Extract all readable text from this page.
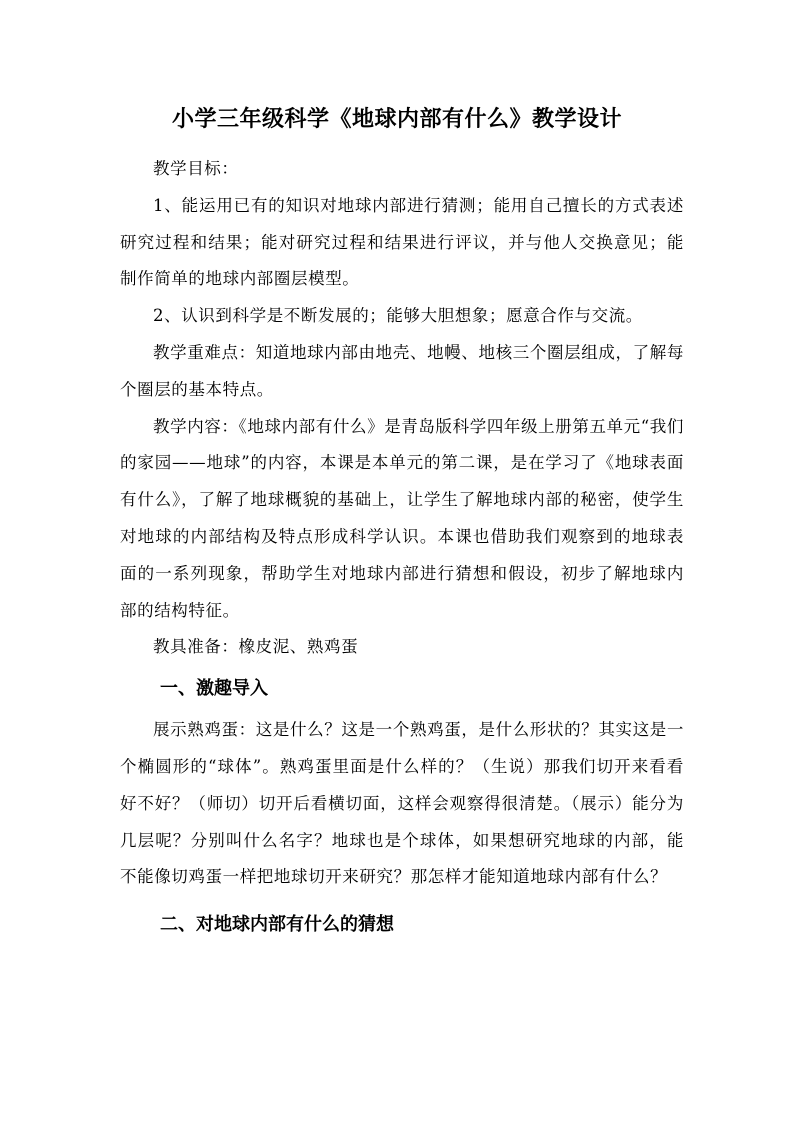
小学三年级科学《地球内部有什么》教学设计

教学目标：

1、能运用已有的知识对地球内部进行猜测；能用自己擅长的方式表述研究过程和结果；能对研究过程和结果进行评议，并与他人交换意见；能制作简单的地球内部圈层模型。

2、认识到科学是不断发展的；能够大胆想象；愿意合作与交流。

教学重难点：知道地球内部由地壳、地幔、地核三个圈层组成，了解每个圈层的基本特点。

教学内容：《地球内部有什么》是青岛版科学四年级上册第五单元“我们的家园——地球”的内容，本课是本单元的第二课，是在学习了《地球表面有什么》，了解了地球概貌的基础上，让学生了解地球内部的秘密，使学生对地球的内部结构及特点形成科学认识。本课也借助我们观察到的地球表面的一系列现象，帮助学生对地球内部进行猜想和假设，初步了解地球内部的结构特征。

教具准备：橡皮泥、熟鸡蛋

一、激趣导入

展示熟鸡蛋：这是什么？这是一个熟鸡蛋，是什么形状的？其实这是一个椭圆形的“球体”。熟鸡蛋里面是什么样的？（生说）那我们切开来看看好不好？（师切）切开后看横切面，这样会观察得很清楚。（展示）能分为几层呢？分别叫什么名字？地球也是个球体，如果想研究地球的内部，能不能像切鸡蛋一样把地球切开来研究？那怎样才能知道地球内部有什么？

二、对地球内部有什么的猜想
